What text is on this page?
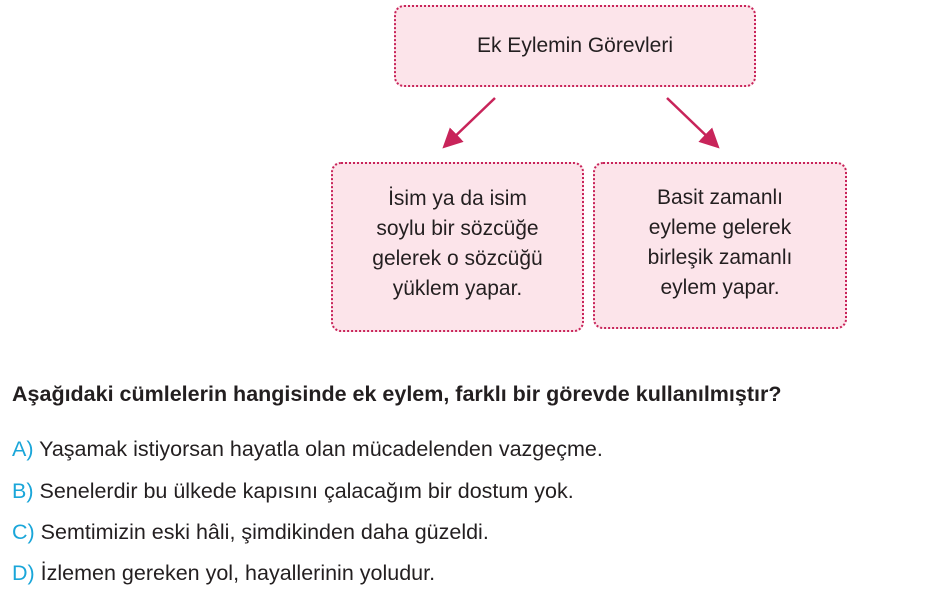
Ek Eylemin Görevleri
İsim ya da isim
soylu bir sözcüğe
gelerek o sözcüğü
yüklem yapar.
Basit zamanlı
eyleme gelerek
birleşik zamanlı
eylem yapar.
Aşağıdaki cümlelerin hangisinde ek eylem, farklı bir görevde kullanılmıştır?
A) Yaşamak istiyorsan hayatla olan mücadelenden vazgeçme.
B) Senelerdir bu ülkede kapısını çalacağım bir dostum yok.
C) Semtimizin eski hâli, şimdikinden daha güzeldi.
D) İzlemen gereken yol, hayallerinin yoludur.
